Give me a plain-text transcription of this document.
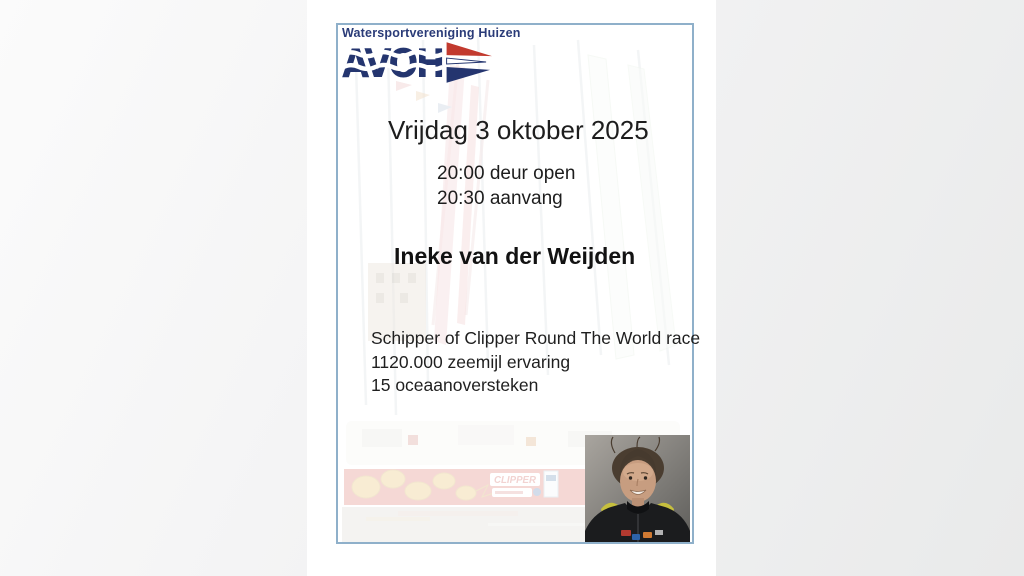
CLIPPER
Watersportvereniging Huizen
AVOH
Vrijdag 3 oktober 2025
20:00 deur open
20:30 aanvang
Ineke van der Weijden
Schipper of Clipper Round The World race
1120.000 zeemijl ervaring
15 oceaanoversteken
